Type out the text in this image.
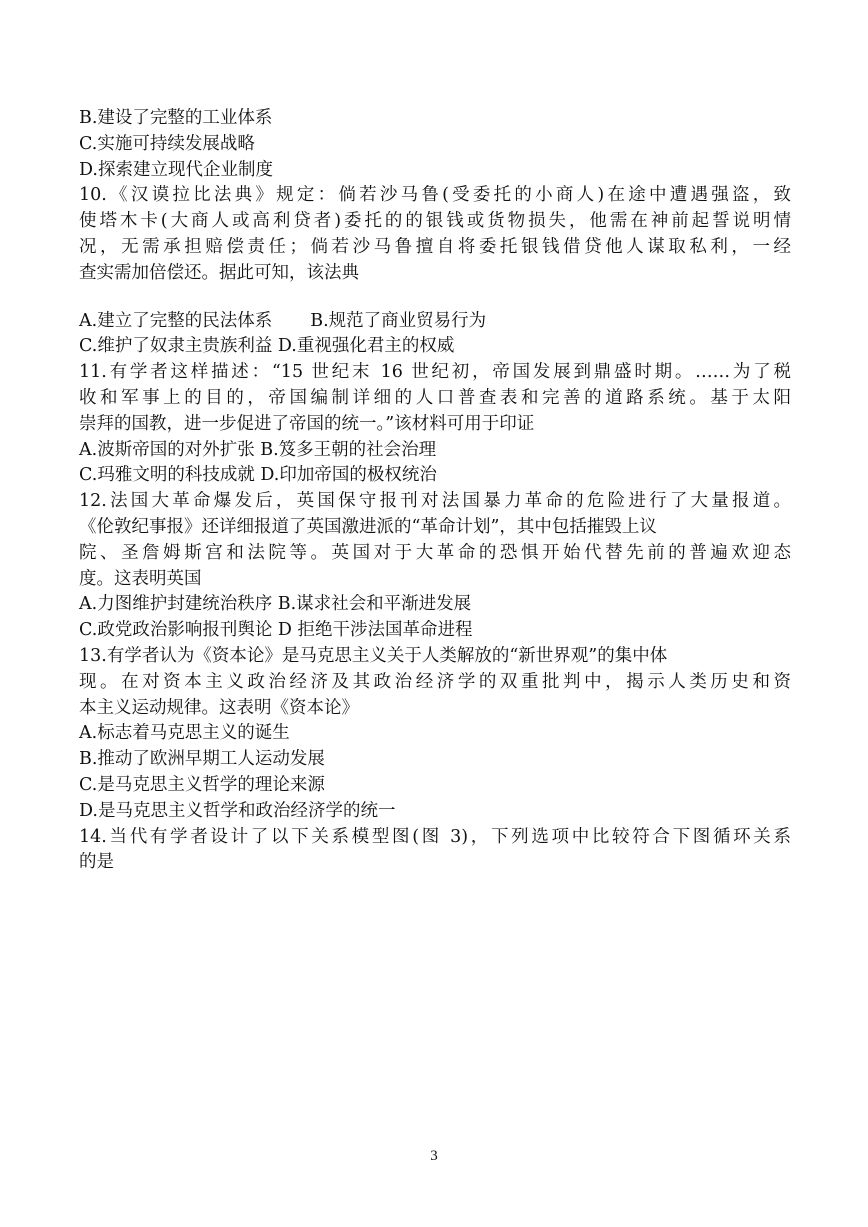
B.建设了完整的工业体系
C.实施可持续发展战略
D.探索建立现代企业制度
10.《汉谟拉比法典》规定：倘若沙马鲁(受委托的小商人)在途中遭遇强盗，致
使塔木卡(大商人或高利贷者)委托的的银钱或货物损失，他需在神前起誓说明情
况，无需承担赔偿责任；倘若沙马鲁擅自将委托银钱借贷他人谋取私利，一经
查实需加倍偿还。据此可知，该法典
A.建立了完整的民法体系 B.规范了商业贸易行为
C.维护了奴隶主贵族利益 D.重视强化君主的权威
11.有学者这样描述：“15 世纪末 16 世纪初，帝国发展到鼎盛时期。……为了税
收和军事上的目的，帝国编制详细的人口普查表和完善的道路系统。基于太阳
崇拜的国教，进一步促进了帝国的统一。”该材料可用于印证
A.波斯帝国的对外扩张 B.笈多王朝的社会治理
C.玛雅文明的科技成就 D.印加帝国的极权统治
12.法国大革命爆发后，英国保守报刊对法国暴力革命的危险进行了大量报道。
《伦敦纪事报》还详细报道了英国激进派的“革命计划”，其中包括摧毁上议
院、圣詹姆斯宫和法院等。英国对于大革命的恐惧开始代替先前的普遍欢迎态
度。这表明英国
A.力图维护封建统治秩序 B.谋求社会和平渐进发展
C.政党政治影响报刊舆论 D 拒绝干涉法国革命进程
13.有学者认为《资本论》是马克思主义关于人类解放的“新世界观”的集中体
现。在对资本主义政治经济及其政治经济学的双重批判中，揭示人类历史和资
本主义运动规律。这表明《资本论》
A.标志着马克思主义的诞生
B.推动了欧洲早期工人运动发展
C.是马克思主义哲学的理论来源
D.是马克思主义哲学和政治经济学的统一
14.当代有学者设计了以下关系模型图(图 3)，下列选项中比较符合下图循环关系
的是
3
